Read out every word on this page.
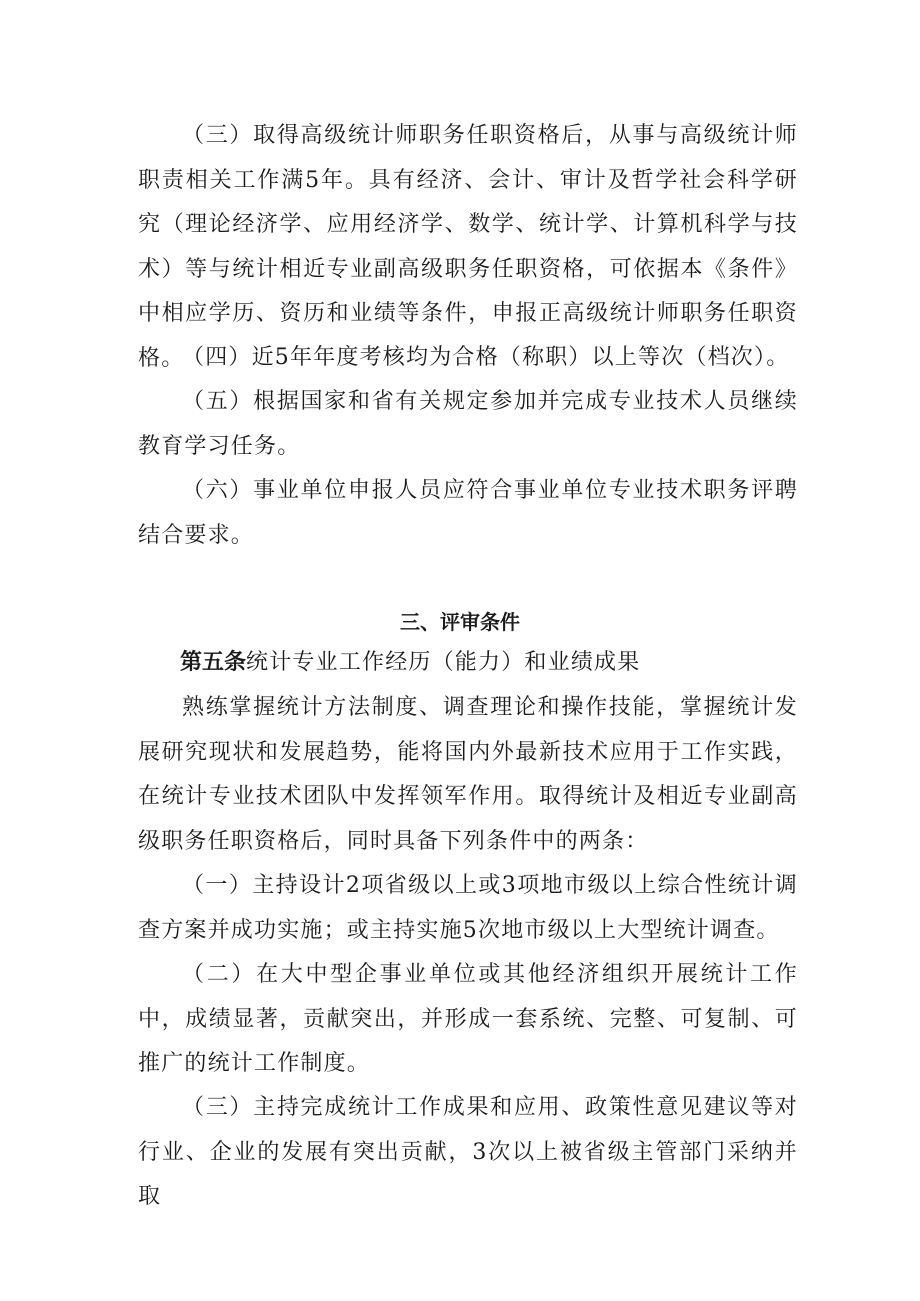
（三）取得高级统计师职务任职资格后，从事与高级统计师职责相关工作满5年。具有经济、会计、审计及哲学社会科学研究（理论经济学、应用经济学、数学、统计学、计算机科学与技术）等与统计相近专业副高级职务任职资格，可依据本《条件》中相应学历、资历和业绩等条件，申报正高级统计师职务任职资格。

（四）近5年年度考核均为合格（称职）以上等次（档次）。

（五）根据国家和省有关规定参加并完成专业技术人员继续教育学习任务。

（六）事业单位申报人员应符合事业单位专业技术职务评聘结合要求。

三、评审条件

第五条统计专业工作经历（能力）和业绩成果

熟练掌握统计方法制度、调查理论和操作技能，掌握统计发展研究现状和发展趋势，能将国内外最新技术应用于工作实践，在统计专业技术团队中发挥领军作用。取得统计及相近专业副高级职务任职资格后，同时具备下列条件中的两条：

（一）主持设计2项省级以上或3项地市级以上综合性统计调查方案并成功实施；或主持实施5次地市级以上大型统计调查。

（二）在大中型企事业单位或其他经济组织开展统计工作中，成绩显著，贡献突出，并形成一套系统、完整、可复制、可推广的统计工作制度。

（三）主持完成统计工作成果和应用、政策性意见建议等对行业、企业的发展有突出贡献，3次以上被省级主管部门采纳并取
